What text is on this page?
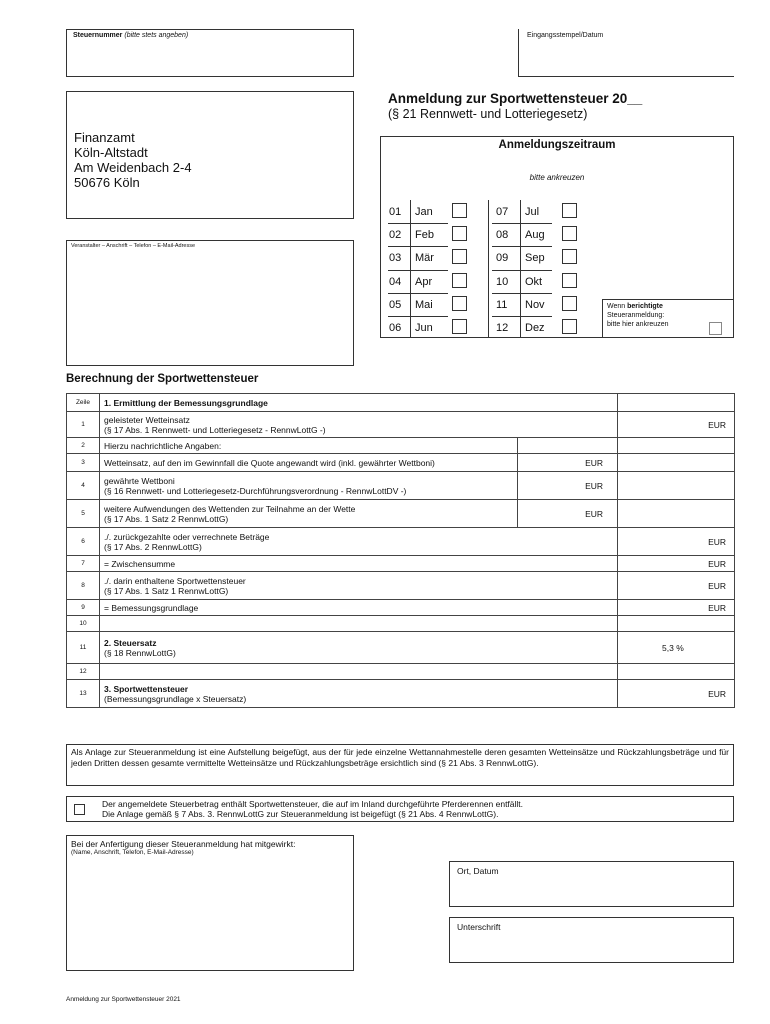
Steuernummer (bitte stets angeben)	Eingangsstempel/Datum
Finanzamt
Köln-Altstadt
Am Weidenbach 2-4
50676 Köln
Veranstalter – Anschrift – Telefon – E-Mail-Adresse
Anmeldung zur Sportwettensteuer 20__
(§ 21 Rennwett- und Lotteriegesetz)
Anmeldungszeitraum
bitte ankreuzen
01 Jan
02 Feb
03 Mär
04 Apr
05 Mai
06 Jun
07 Jul
08 Aug
09 Sep
10 Okt
11 Nov
12 Dez
Wenn berichtigte
Steueranmeldung:
bitte hier ankreuzen
Berechnung der Sportwettensteuer
Zeile	1. Ermittlung der Bemessungsgrundlage		
1	geleisteter Wetteinsatz
(§ 17 Abs. 1 Rennwett- und Lotteriegesetz - RennwLottG -)		EUR
2	Hierzu nachrichtliche Angaben:		
3	Wetteinsatz, auf den im Gewinnfall die Quote angewandt wird (inkl. gewährter Wettboni)	EUR	
4	gewährte Wettboni
(§ 16 Rennwett- und Lotteriegesetz-Durchführungsverordnung - RennwLottDV -)	EUR	
5	weitere Aufwendungen des Wettenden zur Teilnahme an der Wette
(§ 17 Abs. 1 Satz 2 RennwLottG)	EUR	
6	./. zurückgezahlte oder verrechnete Beträge
(§ 17 Abs. 2 RennwLottG)		EUR
7	= Zwischensumme		EUR
8	./. darin enthaltene Sportwettensteuer
(§ 17 Abs. 1 Satz 1 RennwLottG)		EUR
9	= Bemessungsgrundlage		EUR
10			
11	2. Steuersatz
(§ 18 RennwLottG)		5,3 %
12			
13	3. Sportwettensteuer
(Bemessungsgrundlage x Steuersatz)		EUR
Als Anlage zur Steueranmeldung ist eine Aufstellung beigefügt, aus der für jede einzelne Wettannahmestelle deren gesamten Wetteinsätze und Rückzahlungsbeträge und für jeden Dritten dessen gesamte vermittelte Wetteinsätze und Rückzahlungsbeträge ersichtlich sind (§ 21 Abs. 3 RennwLottG).
Der angemeldete Steuerbetrag enthält Sportwettensteuer, die auf im Inland durchgeführte Pferderennen entfällt.
Die Anlage gemäß § 7 Abs. 3. RennwLottG zur Steueranmeldung ist beigefügt (§ 21 Abs. 4 RennwLottG).
Bei der Anfertigung dieser Steueranmeldung hat mitgewirkt:
(Name, Anschrift, Telefon, E-Mail-Adresse)
Ort, Datum
Unterschrift
Anmeldung zur Sportwettensteuer 2021
